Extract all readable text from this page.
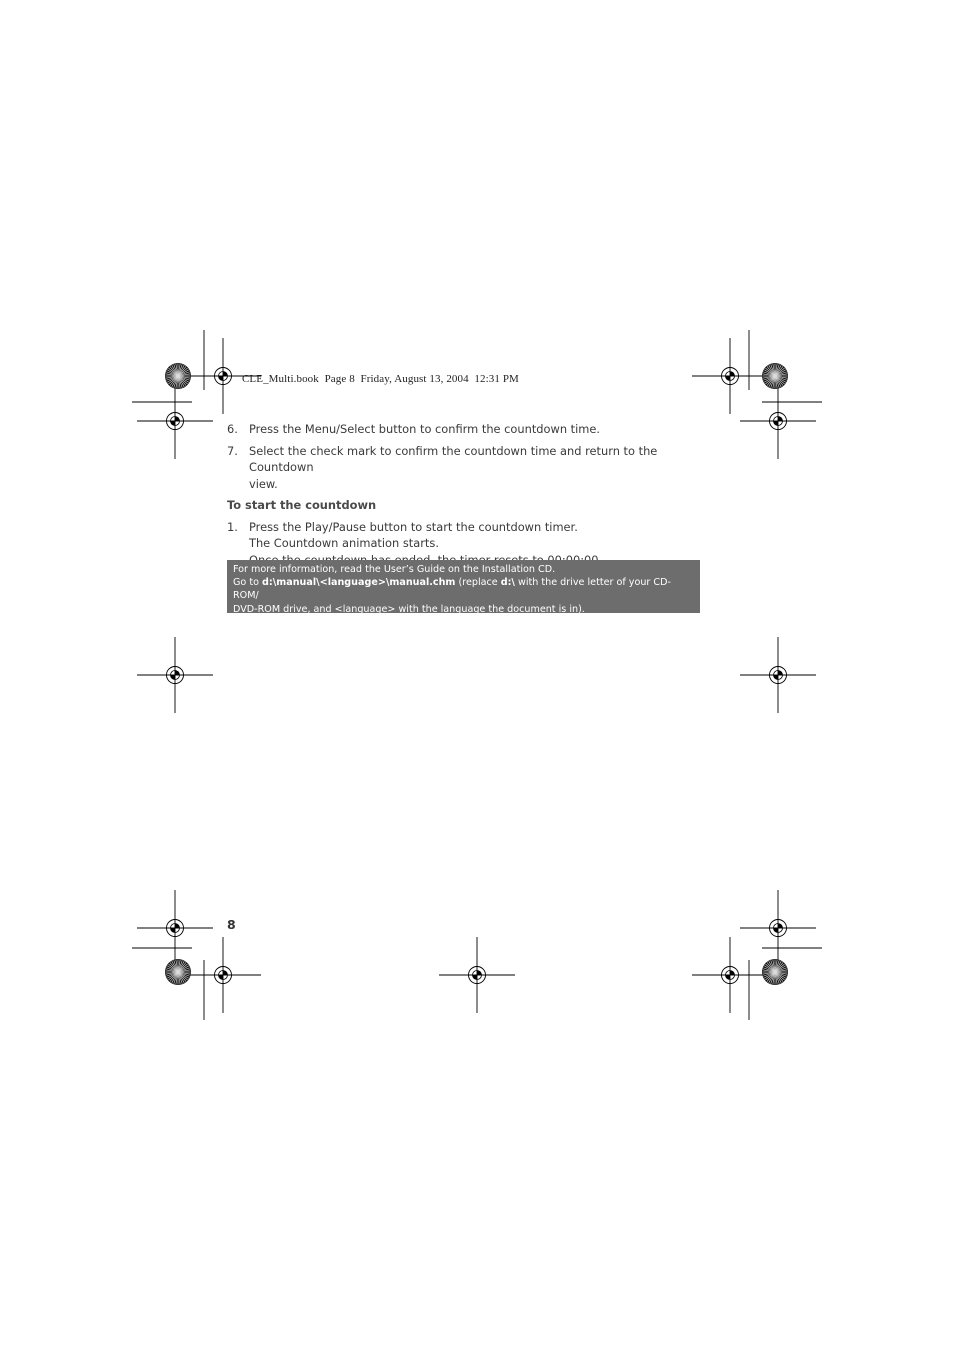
CLE_Multi.book  Page 8  Friday, August 13, 2004  12:31 PM
6. Press the Menu/Select button to confirm the countdown time.
7. Select the check mark to confirm the countdown time and return to the Countdown
view.
To start the countdown
1. Press the Play/Pause button to start the countdown timer.
The Countdown animation starts.
For more information, read the User’s Guide on the Installation CD.
Go to d:\manual\<language>\manual.chm (replace d:\ with the drive letter of your CD-ROM/
DVD-ROM drive, and <language> with the language the document is in).
8
